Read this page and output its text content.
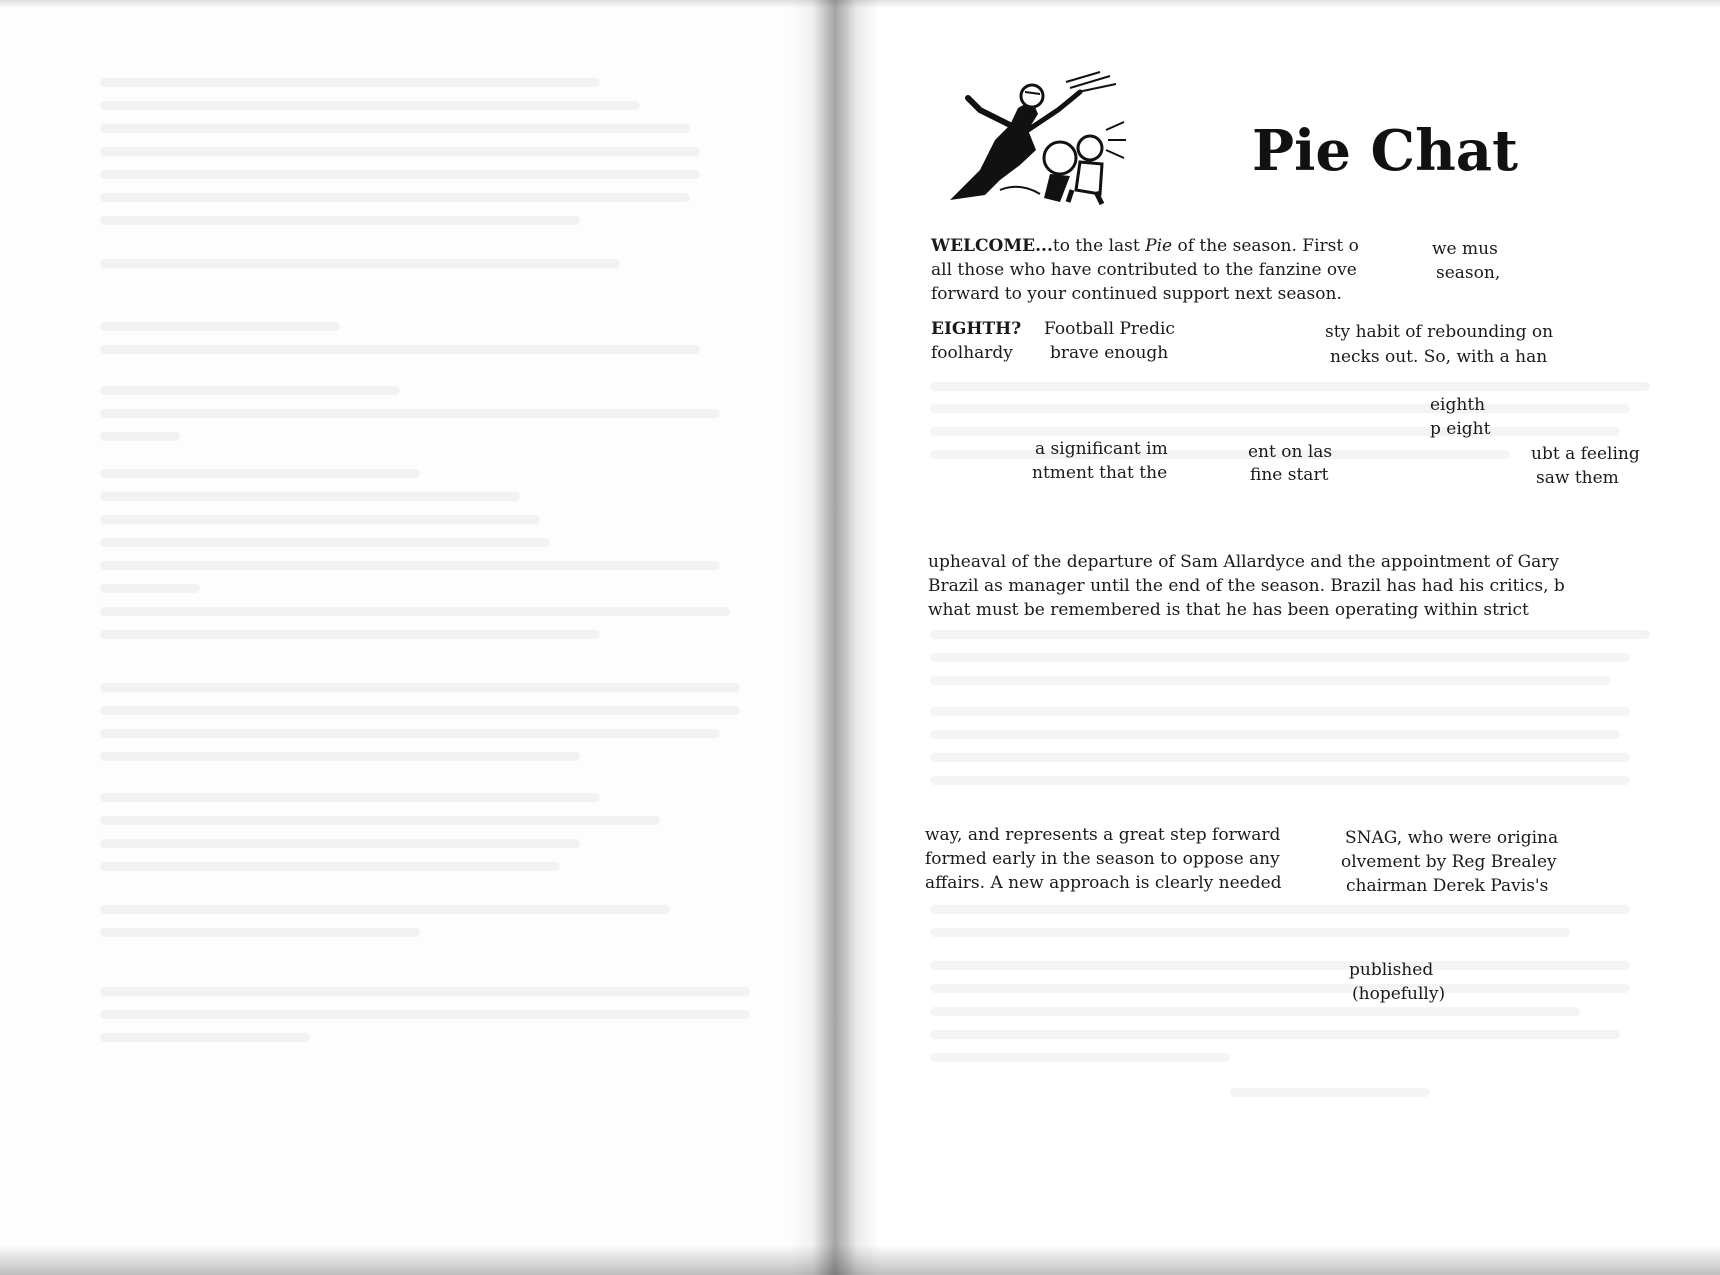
Pie Chat
WELCOME...to the last Pie of the season. First o	we mus
all those who have contributed to the fanzine ove	season,
forward to your continued support next season.
EIGHTH? Football Predic	sty habit of rebounding on
foolhardy brave enough	necks out. So, with a han
eighth
p eight
a significant im	ent on las	ubt a feeling
ntment that the	fine start	saw them
upheaval of the departure of Sam Allardyce and the appointment of Gary
Brazil as manager until the end of the season. Brazil has had his critics, b
what must be remembered is that he has been operating within strict
way, and represents a great step forward	SNAG, who were origina
formed early in the season to oppose any	olvement by Reg Brealey
affairs. A new approach is clearly needed	chairman Derek Pavis's
published
(hopefully)
